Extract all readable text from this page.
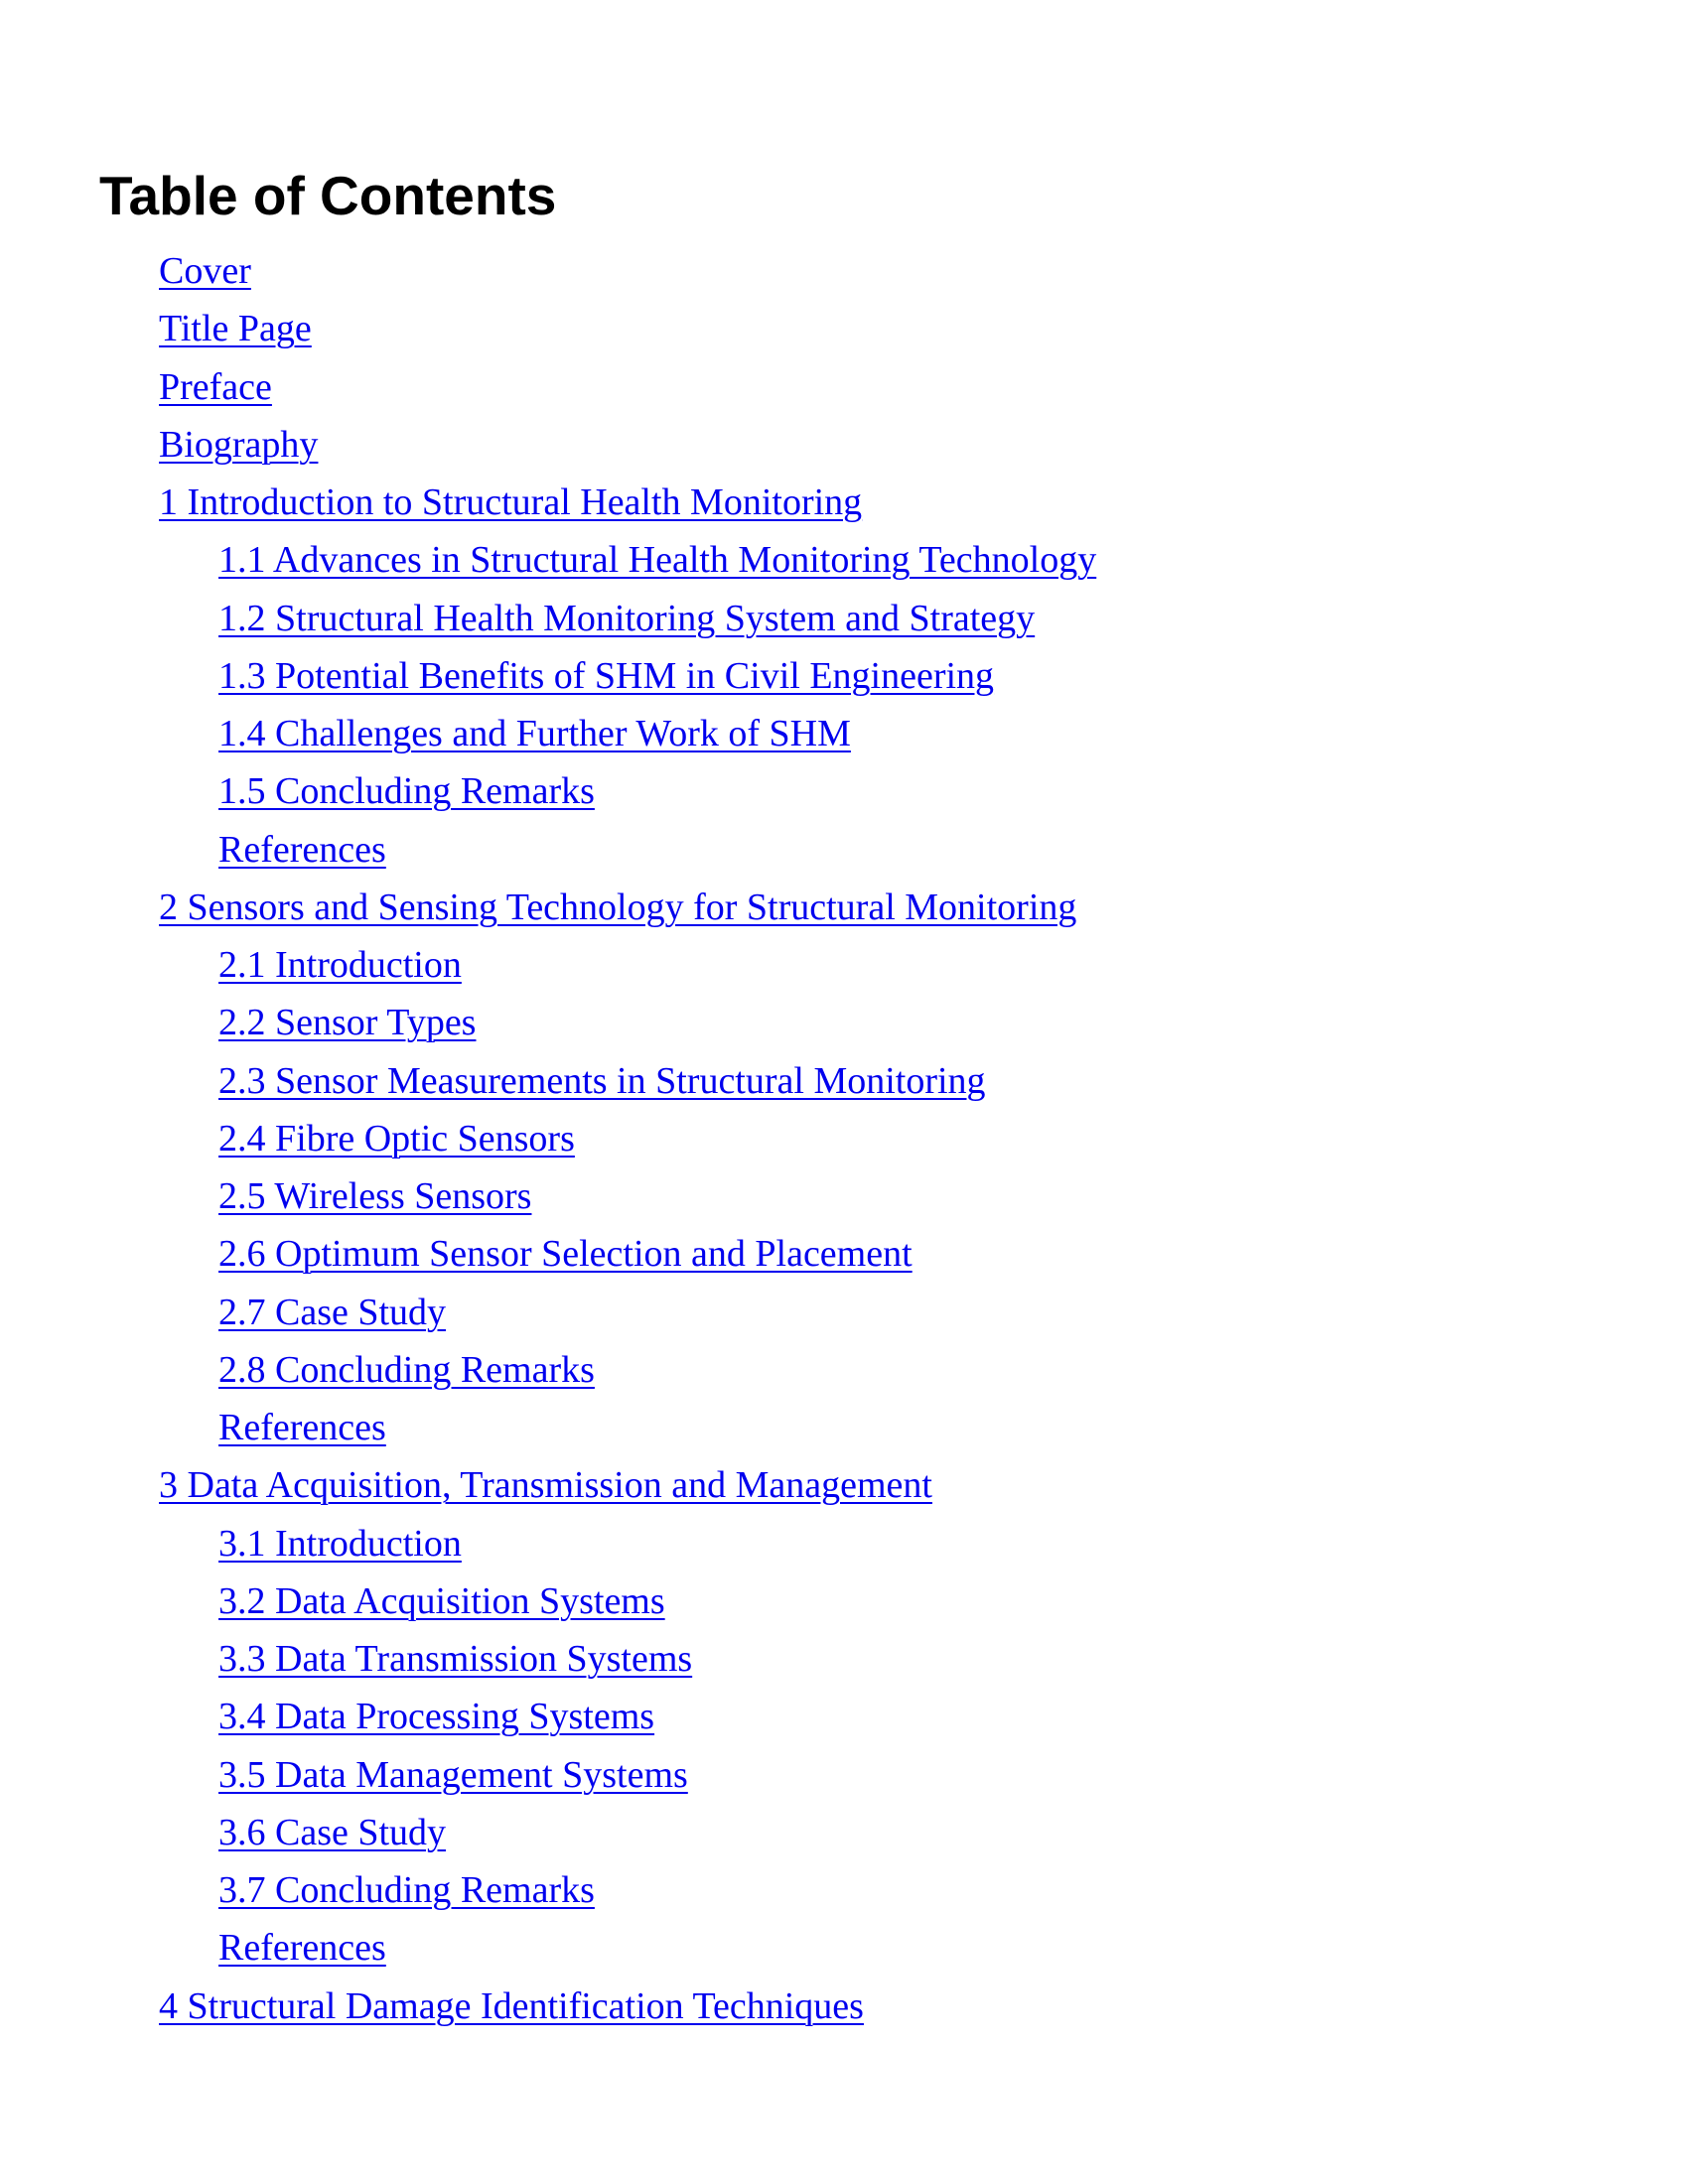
Table of Contents
Cover
Title Page
Preface
Biography
1 Introduction to Structural Health Monitoring
1.1 Advances in Structural Health Monitoring Technology
1.2 Structural Health Monitoring System and Strategy
1.3 Potential Benefits of SHM in Civil Engineering
1.4 Challenges and Further Work of SHM
1.5 Concluding Remarks
References
2 Sensors and Sensing Technology for Structural Monitoring
2.1 Introduction
2.2 Sensor Types
2.3 Sensor Measurements in Structural Monitoring
2.4 Fibre Optic Sensors
2.5 Wireless Sensors
2.6 Optimum Sensor Selection and Placement
2.7 Case Study
2.8 Concluding Remarks
References
3 Data Acquisition, Transmission and Management
3.1 Introduction
3.2 Data Acquisition Systems
3.3 Data Transmission Systems
3.4 Data Processing Systems
3.5 Data Management Systems
3.6 Case Study
3.7 Concluding Remarks
References
4 Structural Damage Identification Techniques
